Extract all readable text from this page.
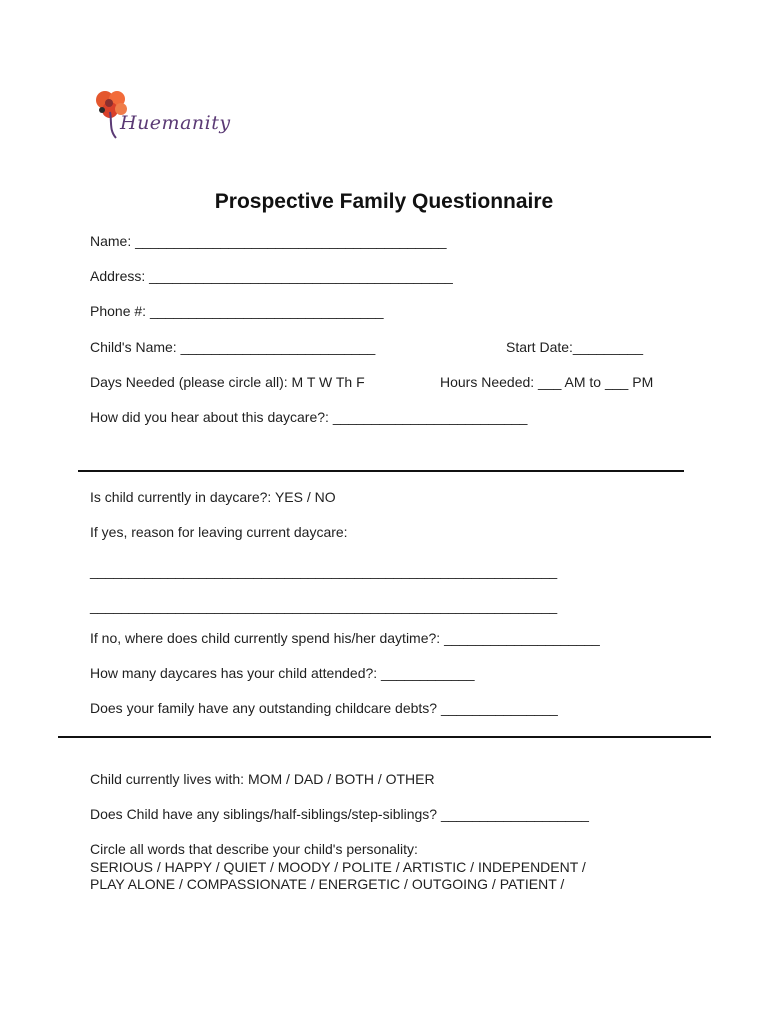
Huemanity
Prospective Family Questionnaire
Name: ________________________________________
Address: _______________________________________
Phone #: ______________________________
Child's Name: _________________________	Start Date:_________
Days Needed (please circle all): M T W Th F	Hours Needed: ___ AM to ___ PM
How did you hear about this daycare?: _________________________
Is child currently in daycare?: YES / NO
If yes, reason for leaving current daycare:
____________________________________________________________
____________________________________________________________
If no, where does child currently spend his/her daytime?: ____________________
How many daycares has your child attended?: ____________
Does your family have any outstanding childcare debts? _______________
Child currently lives with: MOM / DAD / BOTH / OTHER
Does Child have any siblings/half-siblings/step-siblings? ___________________
Circle all words that describe your child's personality:
SERIOUS / HAPPY / QUIET / MOODY / POLITE / ARTISTIC / INDEPENDENT /
PLAY ALONE / COMPASSIONATE / ENERGETIC / OUTGOING / PATIENT /
